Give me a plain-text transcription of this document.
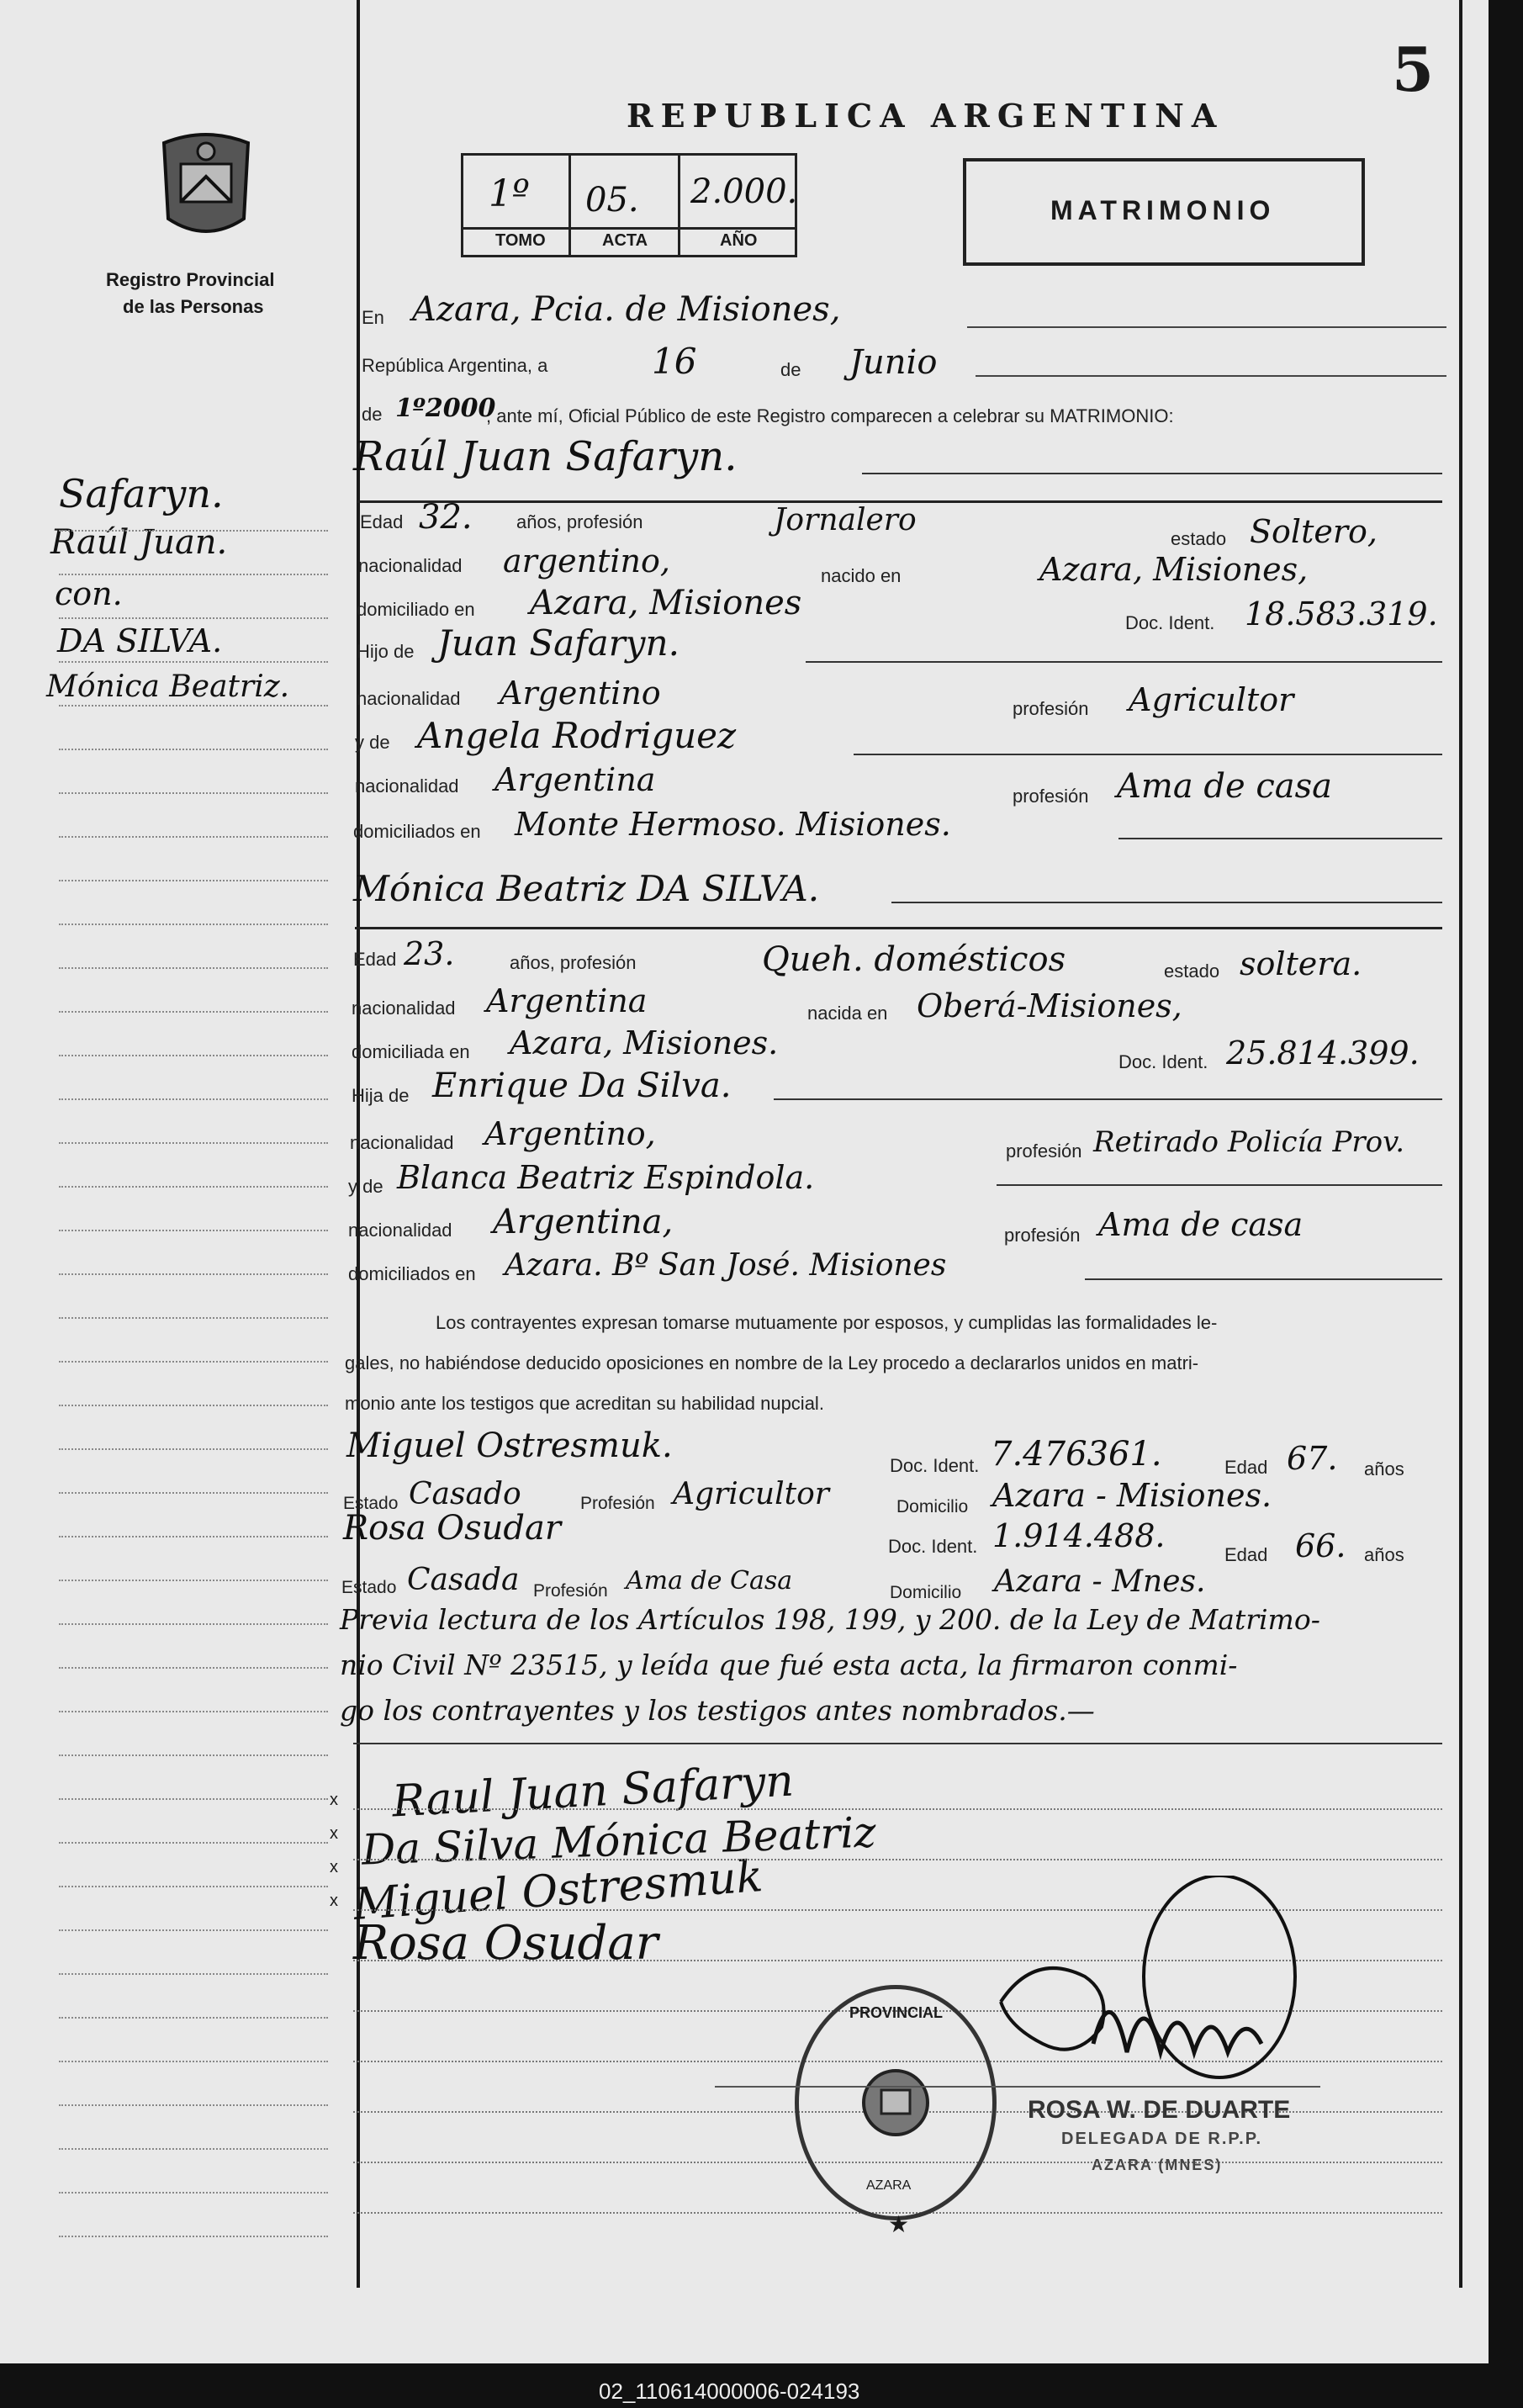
5
Registro Provincial
de las Personas
REPUBLICA ARGENTINA
1º 05. 2.000.
TOMO	ACTA	AÑO
MATRIMONIO
Safaryn.
Raúl Juan.
con.
DA SILVA.
Mónica Beatriz.
En Azara, Pcia. de Misiones,
República Argentina, a	16	de Junio
de 1º2000
, ante mí, Oficial Público de este Registro comparecen a celebrar su MATRIMONIO:
Raúl Juan Safaryn.
Edad 32. años, profesión	Jornalero
estado Soltero,
nacionalidad argentino,	nacido en	Azara, Misiones,
domiciliado en Azara, Misiones
Doc. Ident. 18.583.319.
Hijo de Juan Safaryn.
nacionalidad Argentino	profesión Agricultor
y de Angela Rodriguez
nacionalidad Argentina	profesión Ama de casa
domiciliados en Monte Hermoso. Misiones.
Mónica Beatriz DA SILVA.
Edad 23.	años, profesión	Queh. domésticos	estado soltera.
nacionalidad Argentina	nacida en Oberá-Misiones,
domiciliada en Azara, Misiones.
Doc. Ident. 25.814.399.
Hija de Enrique Da Silva.
nacionalidad Argentino,	profesión Retirado Policía Prov.
y de Blanca Beatriz Espindola.
nacionalidad Argentina,	profesión Ama de casa
domiciliados en Azara. Bº San José. Misiones
Los contrayentes expresan tomarse mutuamente por esposos, y cumplidas las formalidades le-
gales, no habiéndose deducido oposiciones en nombre de la Ley procedo a declararlos unidos en matri-
monio ante los testigos que acreditan su habilidad nupcial.
Miguel Ostresmuk.
Doc. Ident. 7.476361.	Edad 67. años
Estado Casado	Profesión Agricultor	Domicilio Azara - Misiones.
Rosa Osudar	Doc. Ident. 1.914.488.
Edad 66. años
Estado Casada Profesión Ama de Casa	Domicilio Azara - Mnes.
Previa lectura de los Artículos 198, 199, y 200. de la Ley de Matrimo-
nio Civil Nº 23515, y leída que fué esta acta, la firmaron conmi-
go los contrayentes y los testigos antes nombrados.—
x
x
x
x
Raul Juan Safaryn
Da Silva Mónica Beatriz
Miguel Ostresmuk
Rosa Osudar
PROVINCIAL
AZARA
★
ROSA W. DE DUARTE
DELEGADA DE R.P.P.
AZARA (MNES)
02_110614000006-024193
